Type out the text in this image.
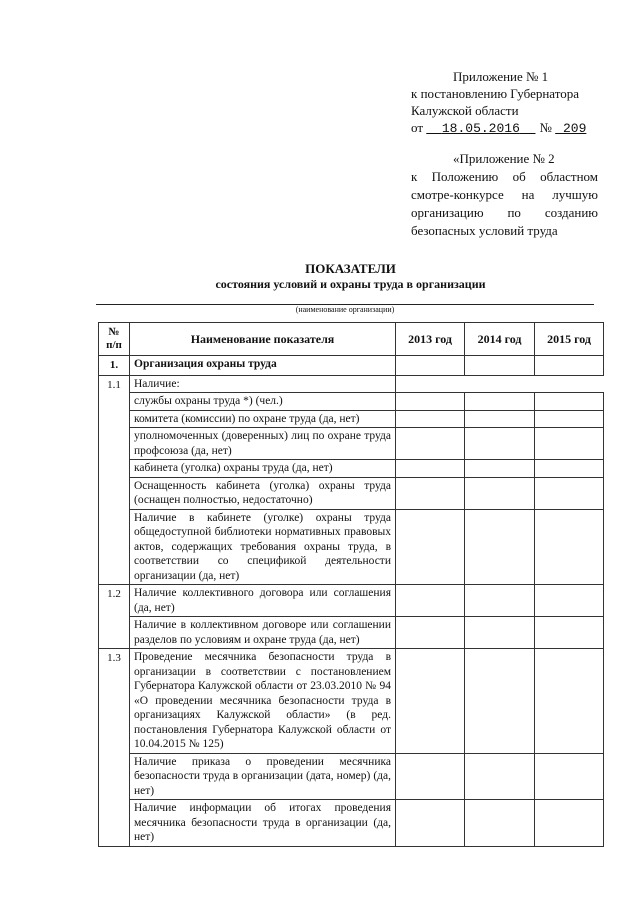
Приложение № 1
к постановлению Губернатора
Калужской области
от 18.05.2016 № 209
«Приложение № 2
к Положению об областном
смотре-конкурсе на лучшую
организацию по созданию
безопасных условий труда
ПОКАЗАТЕЛИ
состояния условий и охраны труда в организации
(наименование организации)
№
п/п	Наименование показателя	2013 год	2014 год	2015 год
1.	Организация охраны труда			
1.1	Наличие:			
	службы охраны труда *) (чел.)			
	комитета (комиссии) по охране труда (да, нет)			
	уполномоченных (доверенных) лиц по охране труда профсоюза (да, нет)			
	кабинета (уголка) охраны труда (да, нет)			
	Оснащенность кабинета (уголка) охраны труда (оснащен полностью, недостаточно)			
	Наличие в кабинете (уголке) охраны труда общедоступной библиотеки нормативных правовых актов, содержащих требования охраны труда, в соответствии со спецификой деятельности организации (да, нет)			
1.2	Наличие коллективного договора или соглашения (да, нет)			
	Наличие в коллективном договоре или соглашении разделов по условиям и охране труда (да, нет)			
1.3	Проведение месячника безопасности труда в организации в соответствии с постановлением Губернатора Калужской области от 23.03.2010 № 94 «О проведении месячника безопасности труда в организациях Калужской области» (в ред. постановления Губернатора Калужской области от 10.04.2015 № 125)			
	Наличие приказа о проведении месячника безопасности труда в организации (дата, номер) (да, нет)			
	Наличие информации об итогах проведения месячника безопасности труда в организации (да, нет)			
